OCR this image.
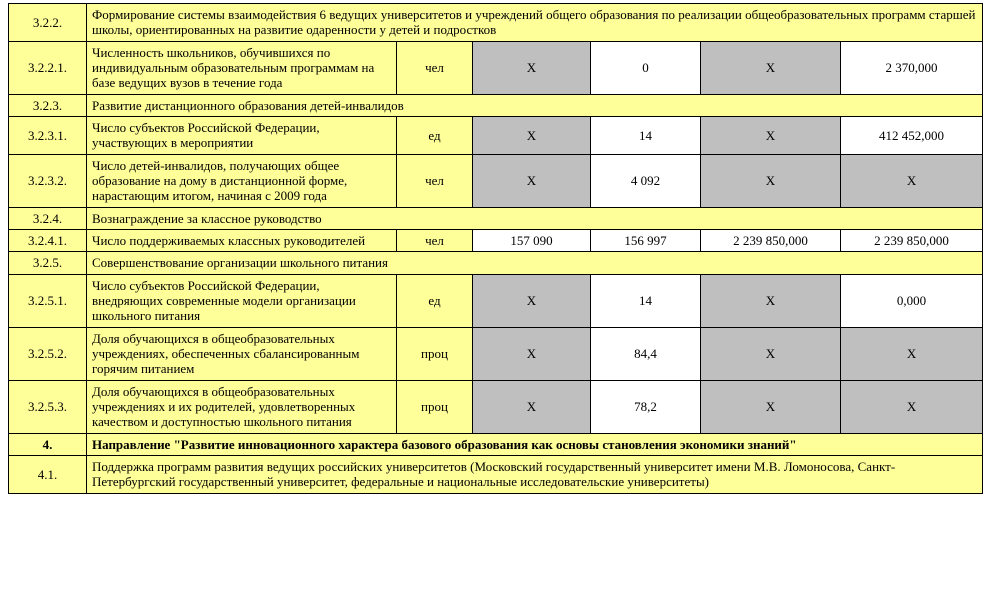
3.2.2.	Формирование системы взаимодействия 6 ведущих университетов и учреждений общего образования по реализации общеобразовательных программ старшей школы, ориентированных на развитие одаренности у детей и подростков					
3.2.2.1.	Численность школьников, обучившихся по индивидуальным образовательным программам на базе ведущих вузов в течение года	чел	X	0	X	2 370,000
3.2.3.	Развитие дистанционного образования детей-инвалидов					
3.2.3.1.	Число субъектов Российской Федерации, участвующих в мероприятии	ед	X	14	X	412 452,000
3.2.3.2.	Число детей-инвалидов, получающих общее образование на дому в дистанционной форме, нарастающим итогом, начиная с 2009 года	чел	X	4 092	X	X
3.2.4.	Вознаграждение за классное руководство					
3.2.4.1.	Число поддерживаемых классных руководителей	чел	157 090	156 997	2 239 850,000	2 239 850,000
3.2.5.	Совершенствование организации школьного питания					
3.2.5.1.	Число субъектов Российской Федерации, внедряющих современные модели организации школьного питания	ед	X	14	X	0,000
3.2.5.2.	Доля обучающихся в общеобразовательных учреждениях, обеспеченных сбалансированным горячим питанием	проц	X	84,4	X	X
3.2.5.3.	Доля обучающихся в общеобразовательных учреждениях и их родителей, удовлетворенных качеством и доступностью школьного питания	проц	X	78,2	X	X
4.	Направление "Развитие инновационного характера базового образования как основы становления экономики знаний"					
4.1.	Поддержка программ развития ведущих российских университетов (Московский государственный университет имени М.В. Ломоносова, Санкт-Петербургский государственный университет, федеральные и национальные исследовательские университеты)					
